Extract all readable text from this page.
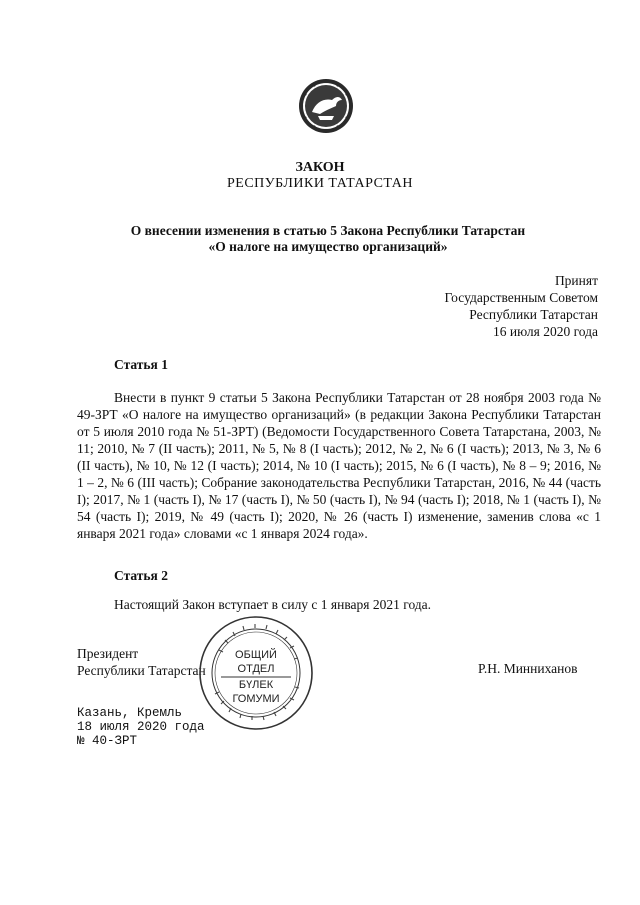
ЗАКОН
РЕСПУБЛИКИ ТАТАРСТАН
О внесении изменения в статью 5 Закона Республики Татарстан
«О налоге на имущество организаций»
Принят
Государственным Советом
Республики Татарстан
16 июля 2020 года
Статья 1
Внести в пункт 9 статьи 5 Закона Республики Татарстан от 28 ноября 2003 года № 49-ЗРТ «О налоге на имущество организаций» (в редакции Закона Республики Татарстан от 5 июля 2010 года № 51-ЗРТ) (Ведомости Государственного Совета Татарстана, 2003, № 11; 2010, № 7 (II часть); 2011, № 5, № 8 (I часть); 2012, № 2, № 6 (I часть); 2013, № 3, № 6 (II часть), № 10, № 12 (I часть); 2014, № 10 (I часть); 2015, № 6 (I часть), № 8 – 9; 2016, № 1 – 2, № 6 (III часть); Собрание законодательства Республики Татарстан, 2016, № 44 (часть I); 2017, № 1 (часть I), № 17 (часть I), № 50 (часть I), № 94 (часть I); 2018, № 1 (часть I), № 54 (часть I); 2019, № 49 (часть I); 2020, № 26 (часть I) изменение, заменив слова «с 1 января 2021 года» словами «с 1 января 2024 года».
Статья 2
Настоящий Закон вступает в силу с 1 января 2021 года.
Президент
Республики Татарстан	Р.Н. Минниханов
ОБЩИЙ
ОТДЕЛ
БҮЛЕК
ГОМУМИ
Казань, Кремль
18 июля 2020 года
№ 40-ЗРТ
